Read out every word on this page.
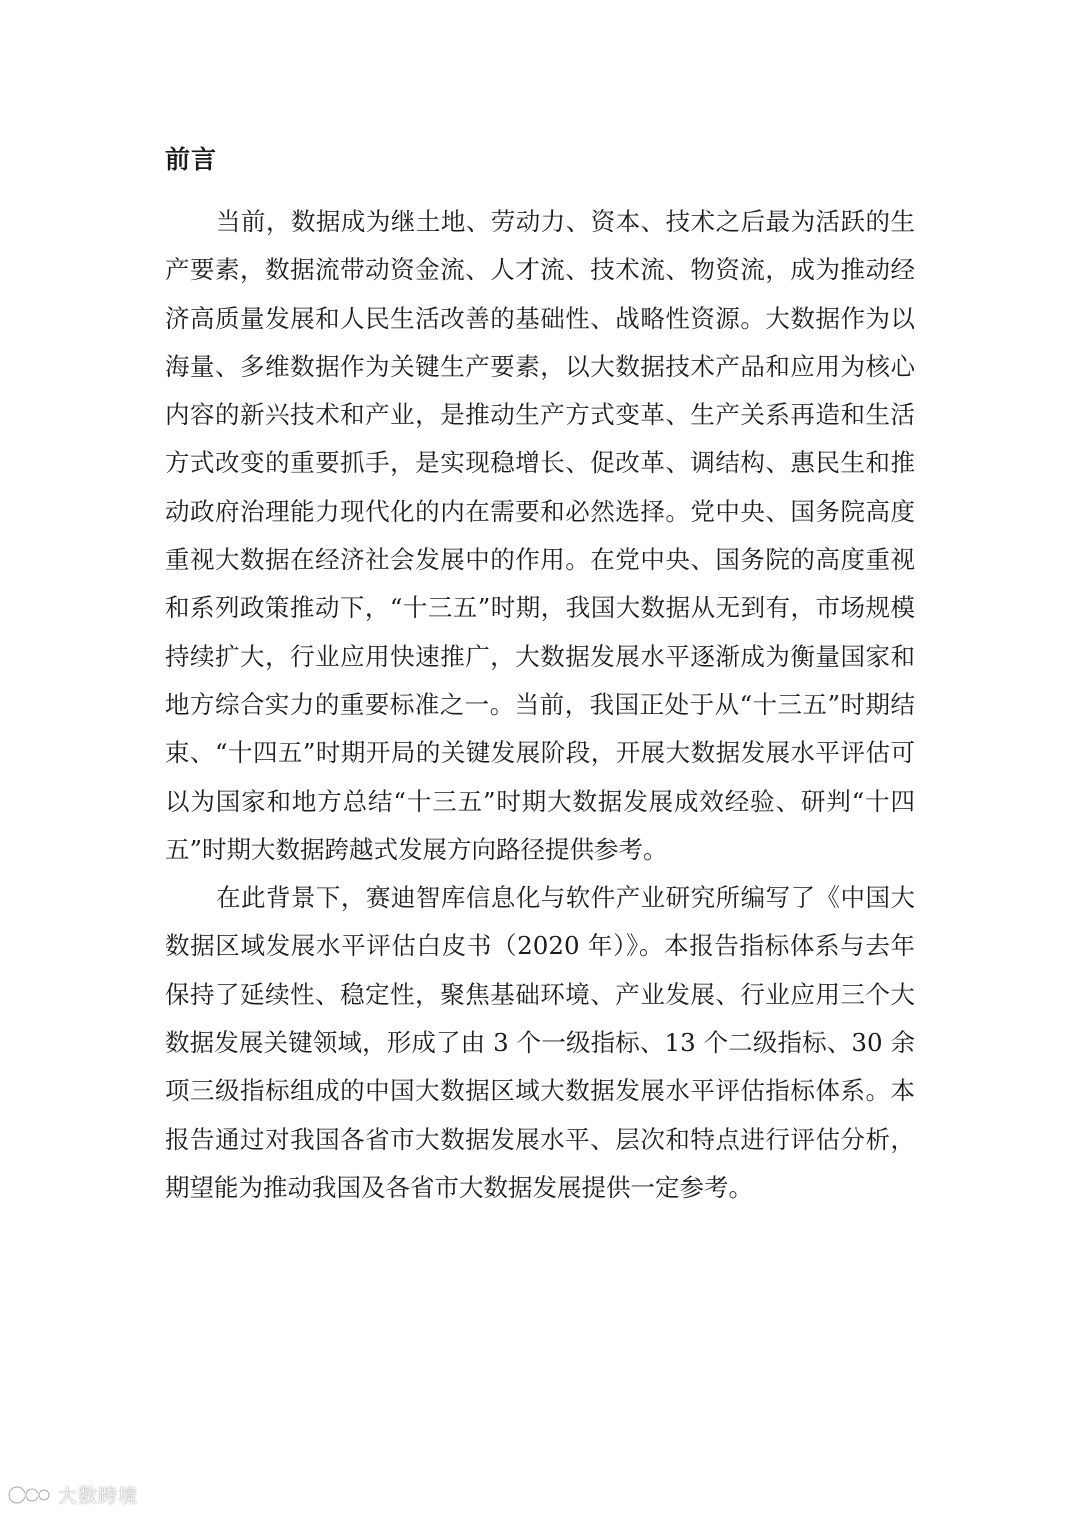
前言

当前，数据成为继土地、劳动力、资本、技术之后最为活跃的生产要素，数据流带动资金流、人才流、技术流、物资流，成为推动经济高质量发展和人民生活改善的基础性、战略性资源。大数据作为以海量、多维数据作为关键生产要素，以大数据技术产品和应用为核心内容的新兴技术和产业，是推动生产方式变革、生产关系再造和生活方式改变的重要抓手，是实现稳增长、促改革、调结构、惠民生和推动政府治理能力现代化的内在需要和必然选择。党中央、国务院高度重视大数据在经济社会发展中的作用。在党中央、国务院的高度重视和系列政策推动下，“十三五”时期，我国大数据从无到有，市场规模持续扩大，行业应用快速推广，大数据发展水平逐渐成为衡量国家和地方综合实力的重要标准之一。当前，我国正处于从“十三五”时期结束、“十四五”时期开局的关键发展阶段，开展大数据发展水平评估可以为国家和地方总结“十三五”时期大数据发展成效经验、研判“十四五”时期大数据跨越式发展方向路径提供参考。

在此背景下，赛迪智库信息化与软件产业研究所编写了《中国大数据区域发展水平评估白皮书（2020 年）》。本报告指标体系与去年保持了延续性、稳定性，聚焦基础环境、产业发展、行业应用三个大数据发展关键领域，形成了由 3 个一级指标、13 个二级指标、30 余项三级指标组成的中国大数据区域大数据发展水平评估指标体系。本报告通过对我国各省市大数据发展水平、层次和特点进行评估分析，期望能为推动我国及各省市大数据发展提供一定参考。

大数跨境
